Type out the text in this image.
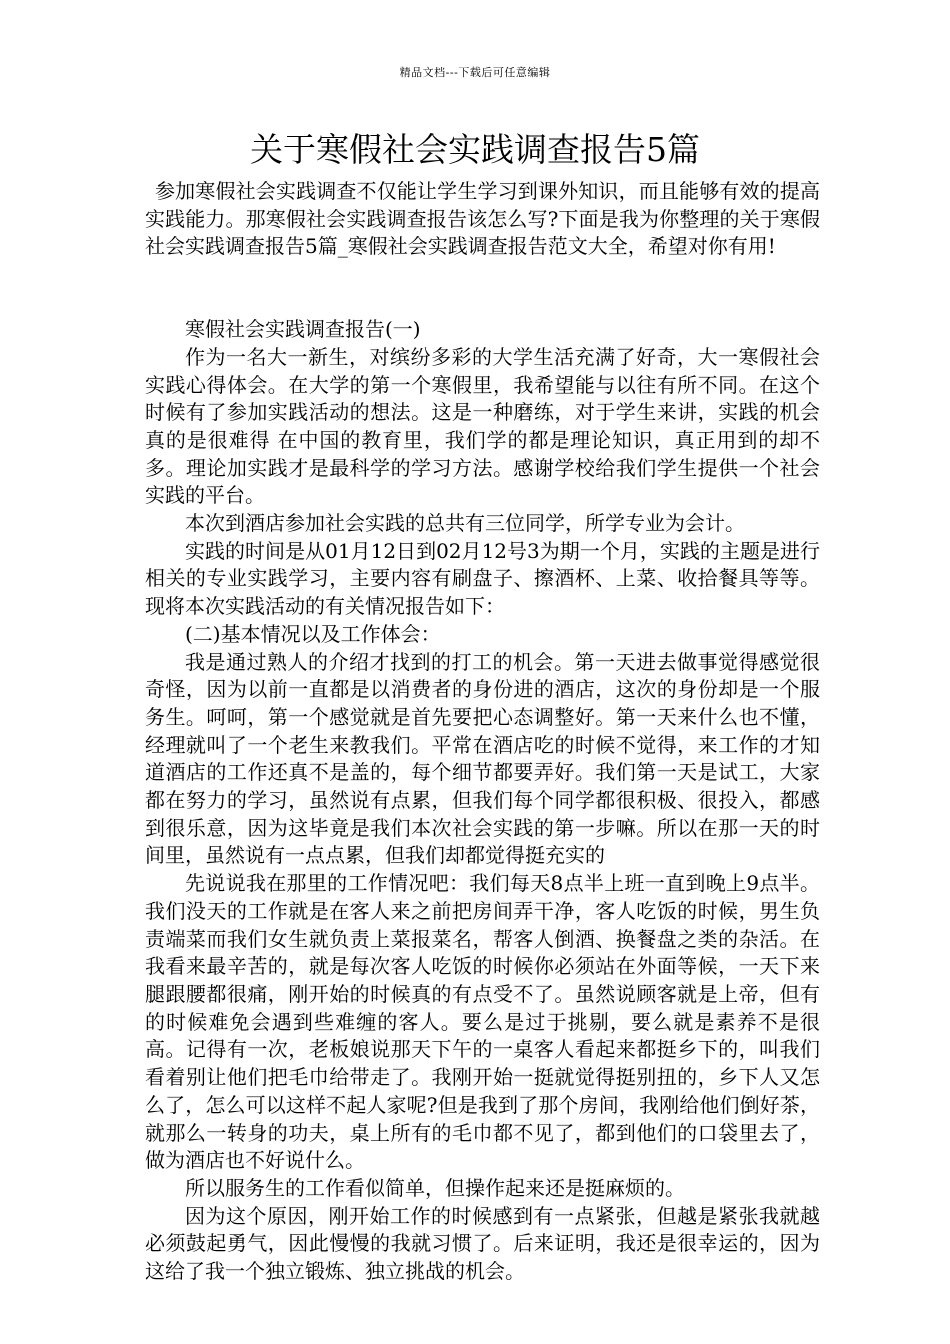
精品文档---下载后可任意编辑
关于寒假社会实践调查报告5篇

参加寒假社会实践调查不仅能让学生学习到课外知识，而且能够有效的提高实践能力。那寒假社会实践调查报告该怎么写?下面是我为你整理的关于寒假社会实践调查报告5篇_寒假社会实践调查报告范文大全，希望对你有用!

寒假社会实践调查报告(一)

作为一名大一新生，对缤纷多彩的大学生活充满了好奇，大一寒假社会实践心得体会。在大学的第一个寒假里，我希望能与以往有所不同。在这个时候有了参加实践活动的想法。这是一种磨练，对于学生来讲，实践的机会真的是很难得 在中国的教育里，我们学的都是理论知识，真正用到的却不多。理论加实践才是最科学的学习方法。感谢学校给我们学生提供一个社会实践的平台。

本次到酒店参加社会实践的总共有三位同学，所学专业为会计。

实践的时间是从01月12日到02月12号3为期一个月，实践的主题是进行相关的专业实践学习，主要内容有刷盘子、擦酒杯、上菜、收拾餐具等等。现将本次实践活动的有关情况报告如下：

(二)基本情况以及工作体会：

我是通过熟人的介绍才找到的打工的机会。第一天进去做事觉得感觉很奇怪，因为以前一直都是以消费者的身份进的酒店，这次的身份却是一个服务生。呵呵，第一个感觉就是首先要把心态调整好。第一天来什么也不懂，经理就叫了一个老生来教我们。平常在酒店吃的时候不觉得，来工作的才知道酒店的工作还真不是盖的，每个细节都要弄好。我们第一天是试工，大家都在努力的学习，虽然说有点累，但我们每个同学都很积极、很投入，都感到很乐意，因为这毕竟是我们本次社会实践的第一步嘛。所以在那一天的时间里，虽然说有一点点累，但我们却都觉得挺充实的

先说说我在那里的工作情况吧：我们每天8点半上班一直到晚上9点半。我们没天的工作就是在客人来之前把房间弄干净，客人吃饭的时候，男生负责端菜而我们女生就负责上菜报菜名，帮客人倒酒、换餐盘之类的杂活。在我看来最辛苦的，就是每次客人吃饭的时候你必须站在外面等候，一天下来腿跟腰都很痛，刚开始的时候真的有点受不了。虽然说顾客就是上帝，但有的时候难免会遇到些难缠的客人。要么是过于挑剔，要么就是素养不是很高。记得有一次，老板娘说那天下午的一桌客人看起来都挺乡下的，叫我们看着别让他们把毛巾给带走了。我刚开始一挺就觉得挺别扭的，乡下人又怎么了，怎么可以这样不起人家呢?但是我到了那个房间，我刚给他们倒好茶，就那么一转身的功夫，桌上所有的毛巾都不见了，都到他们的口袋里去了，做为酒店也不好说什么。

所以服务生的工作看似简单，但操作起来还是挺麻烦的。

因为这个原因，刚开始工作的时候感到有一点紧张，但越是紧张我就越必须鼓起勇气，因此慢慢的我就习惯了。后来证明，我还是很幸运的，因为这给了我一个独立锻炼、独立挑战的机会。
